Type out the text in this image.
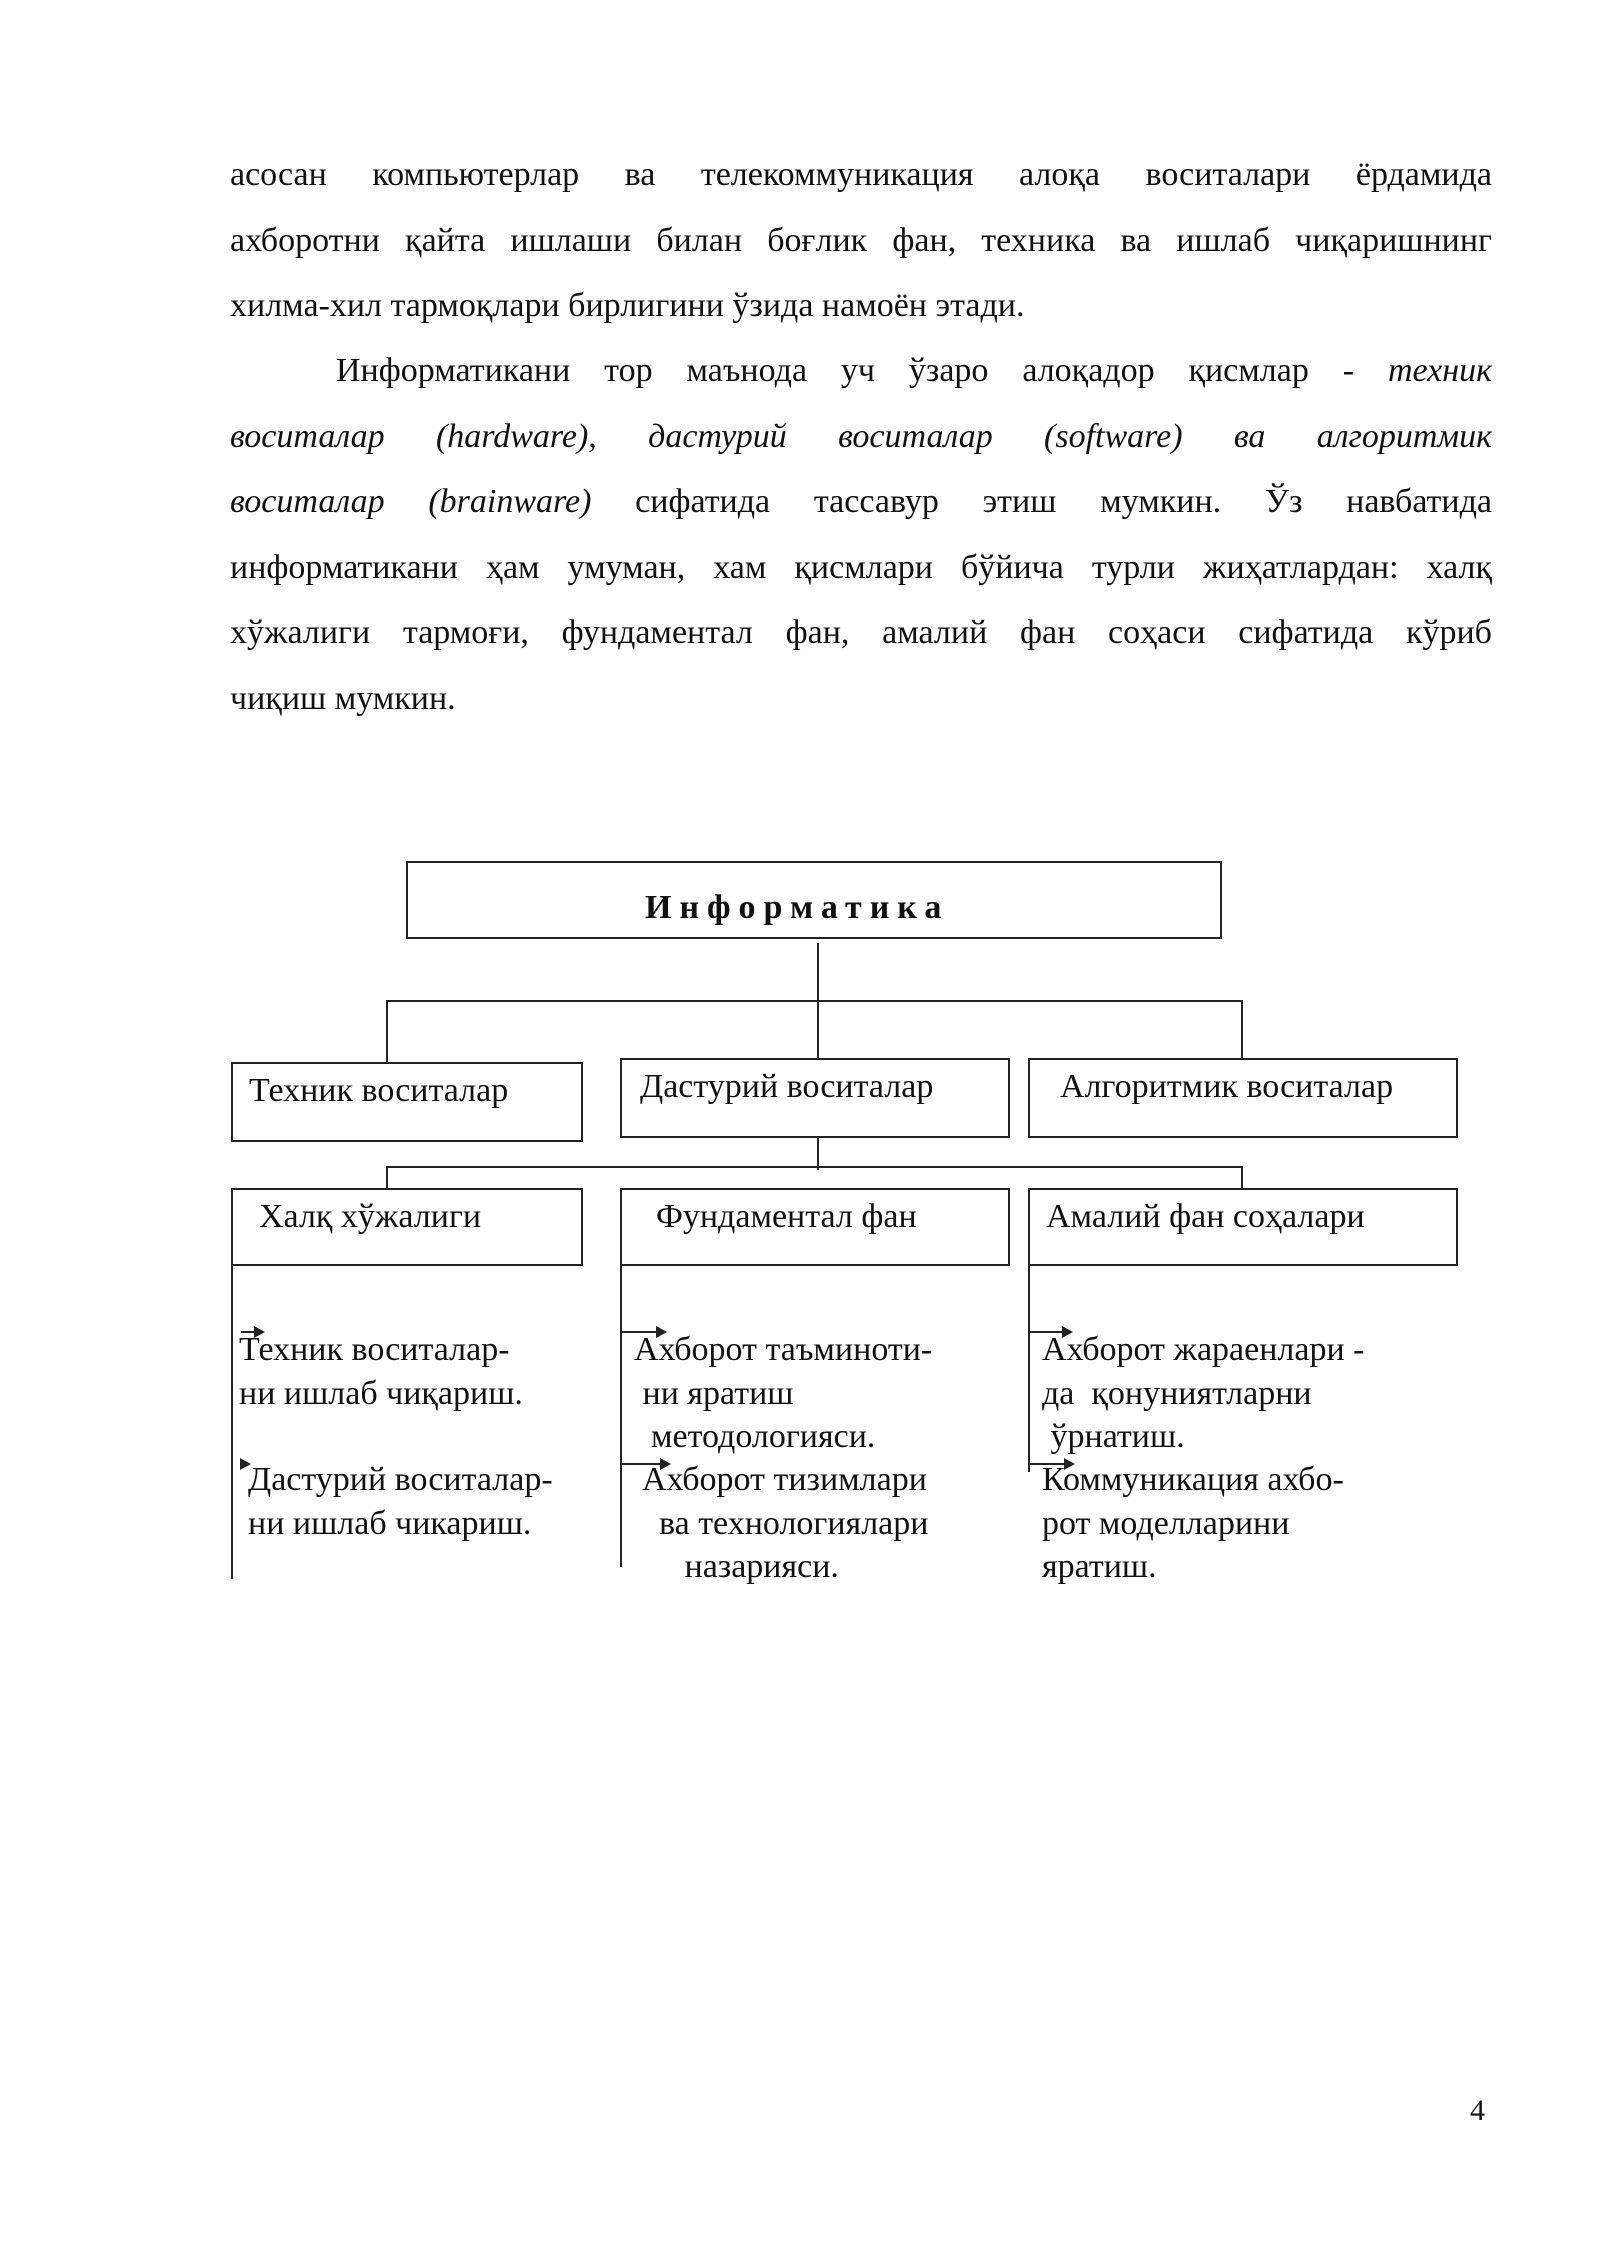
асосан компьютерлар ва телекоммуникация алоқа воситалари ёрдамида
ахборотни қайта ишлаши билан боғлик фан, техника ва ишлаб чиқаришнинг
хилма-хил тармоқлари бирлигини ўзида намоён этади.
Информатикани тор маънода уч ўзаро алоқадор қисмлар - техник
воситалар (hardware), дастурий воситалар (software) ва алгоритмик
воситалар (brainware) сифатида тассавур этиш мумкин. Ўз навбатида
информатикани ҳам умуман, хам қисмлари бўйича турли жиҳатлардан: халқ
хўжалиги тармоғи, фундаментал фан, амалий фан соҳаси сифатида кўриб
чиқиш мумкин.
Информатика
Техник воситалар	Дастурий воситалар	Алгоритмик воситалар
Халқ хўжалиги	Фундаментал фан	Амалий фан соҳалари
Техник воситалар-
ни ишлаб чиқариш.
Дастурий воситалар-
ни ишлаб чикариш.
Ахборот таъминоти-
ни яратиш
методологияси.
Ахборот тизимлари
ва технологиялари
назарияси.
Ахборот жараенлари -
да  қонуниятларни
ўрнатиш.
Коммуникация ахбо-
рот моделларини
яратиш.
4
